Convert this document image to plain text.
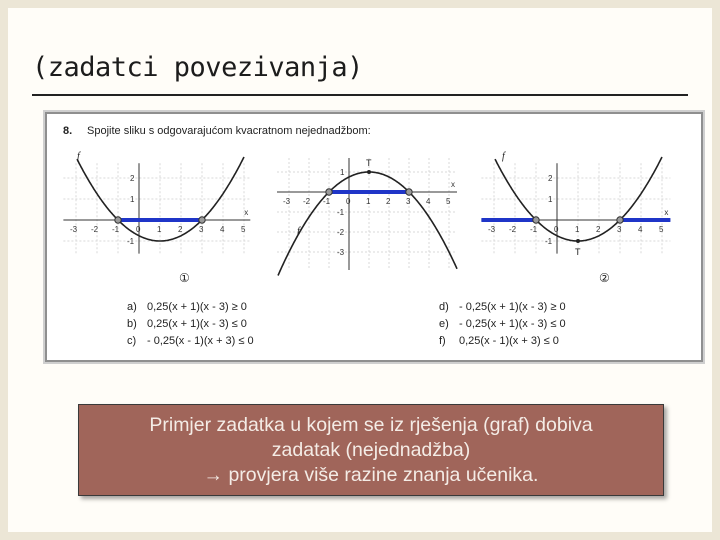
(zadatci povezivanja)
8. Spojite sliku s odgovarajućom kvacratnom nejednadžbom:
x
-3 -2 -1 0 1 2 3 4 5
2
1
-1
f
①
x
-3 -2 -1 0 1 2 3 4 5
1
-1
-2
-3
T
f
②
x
-3 -2 -1 0 1 2 3 4 5
2
1
-1
T
f
a) 0,25(x + 1)(x - 3) ≥ 0
b) 0,25(x + 1)(x - 3) ≤ 0
c) - 0,25(x - 1)(x + 3) ≤ 0
d) - 0,25(x + 1)(x - 3) ≥ 0
e) - 0,25(x + 1)(x - 3) ≤ 0
f) 0,25(x - 1)(x + 3) ≤ 0
Primjer zadatka u kojem se iz rješenja (graf) dobiva
zadatak (nejednadžba)
→ provjera više razine znanja učenika.
